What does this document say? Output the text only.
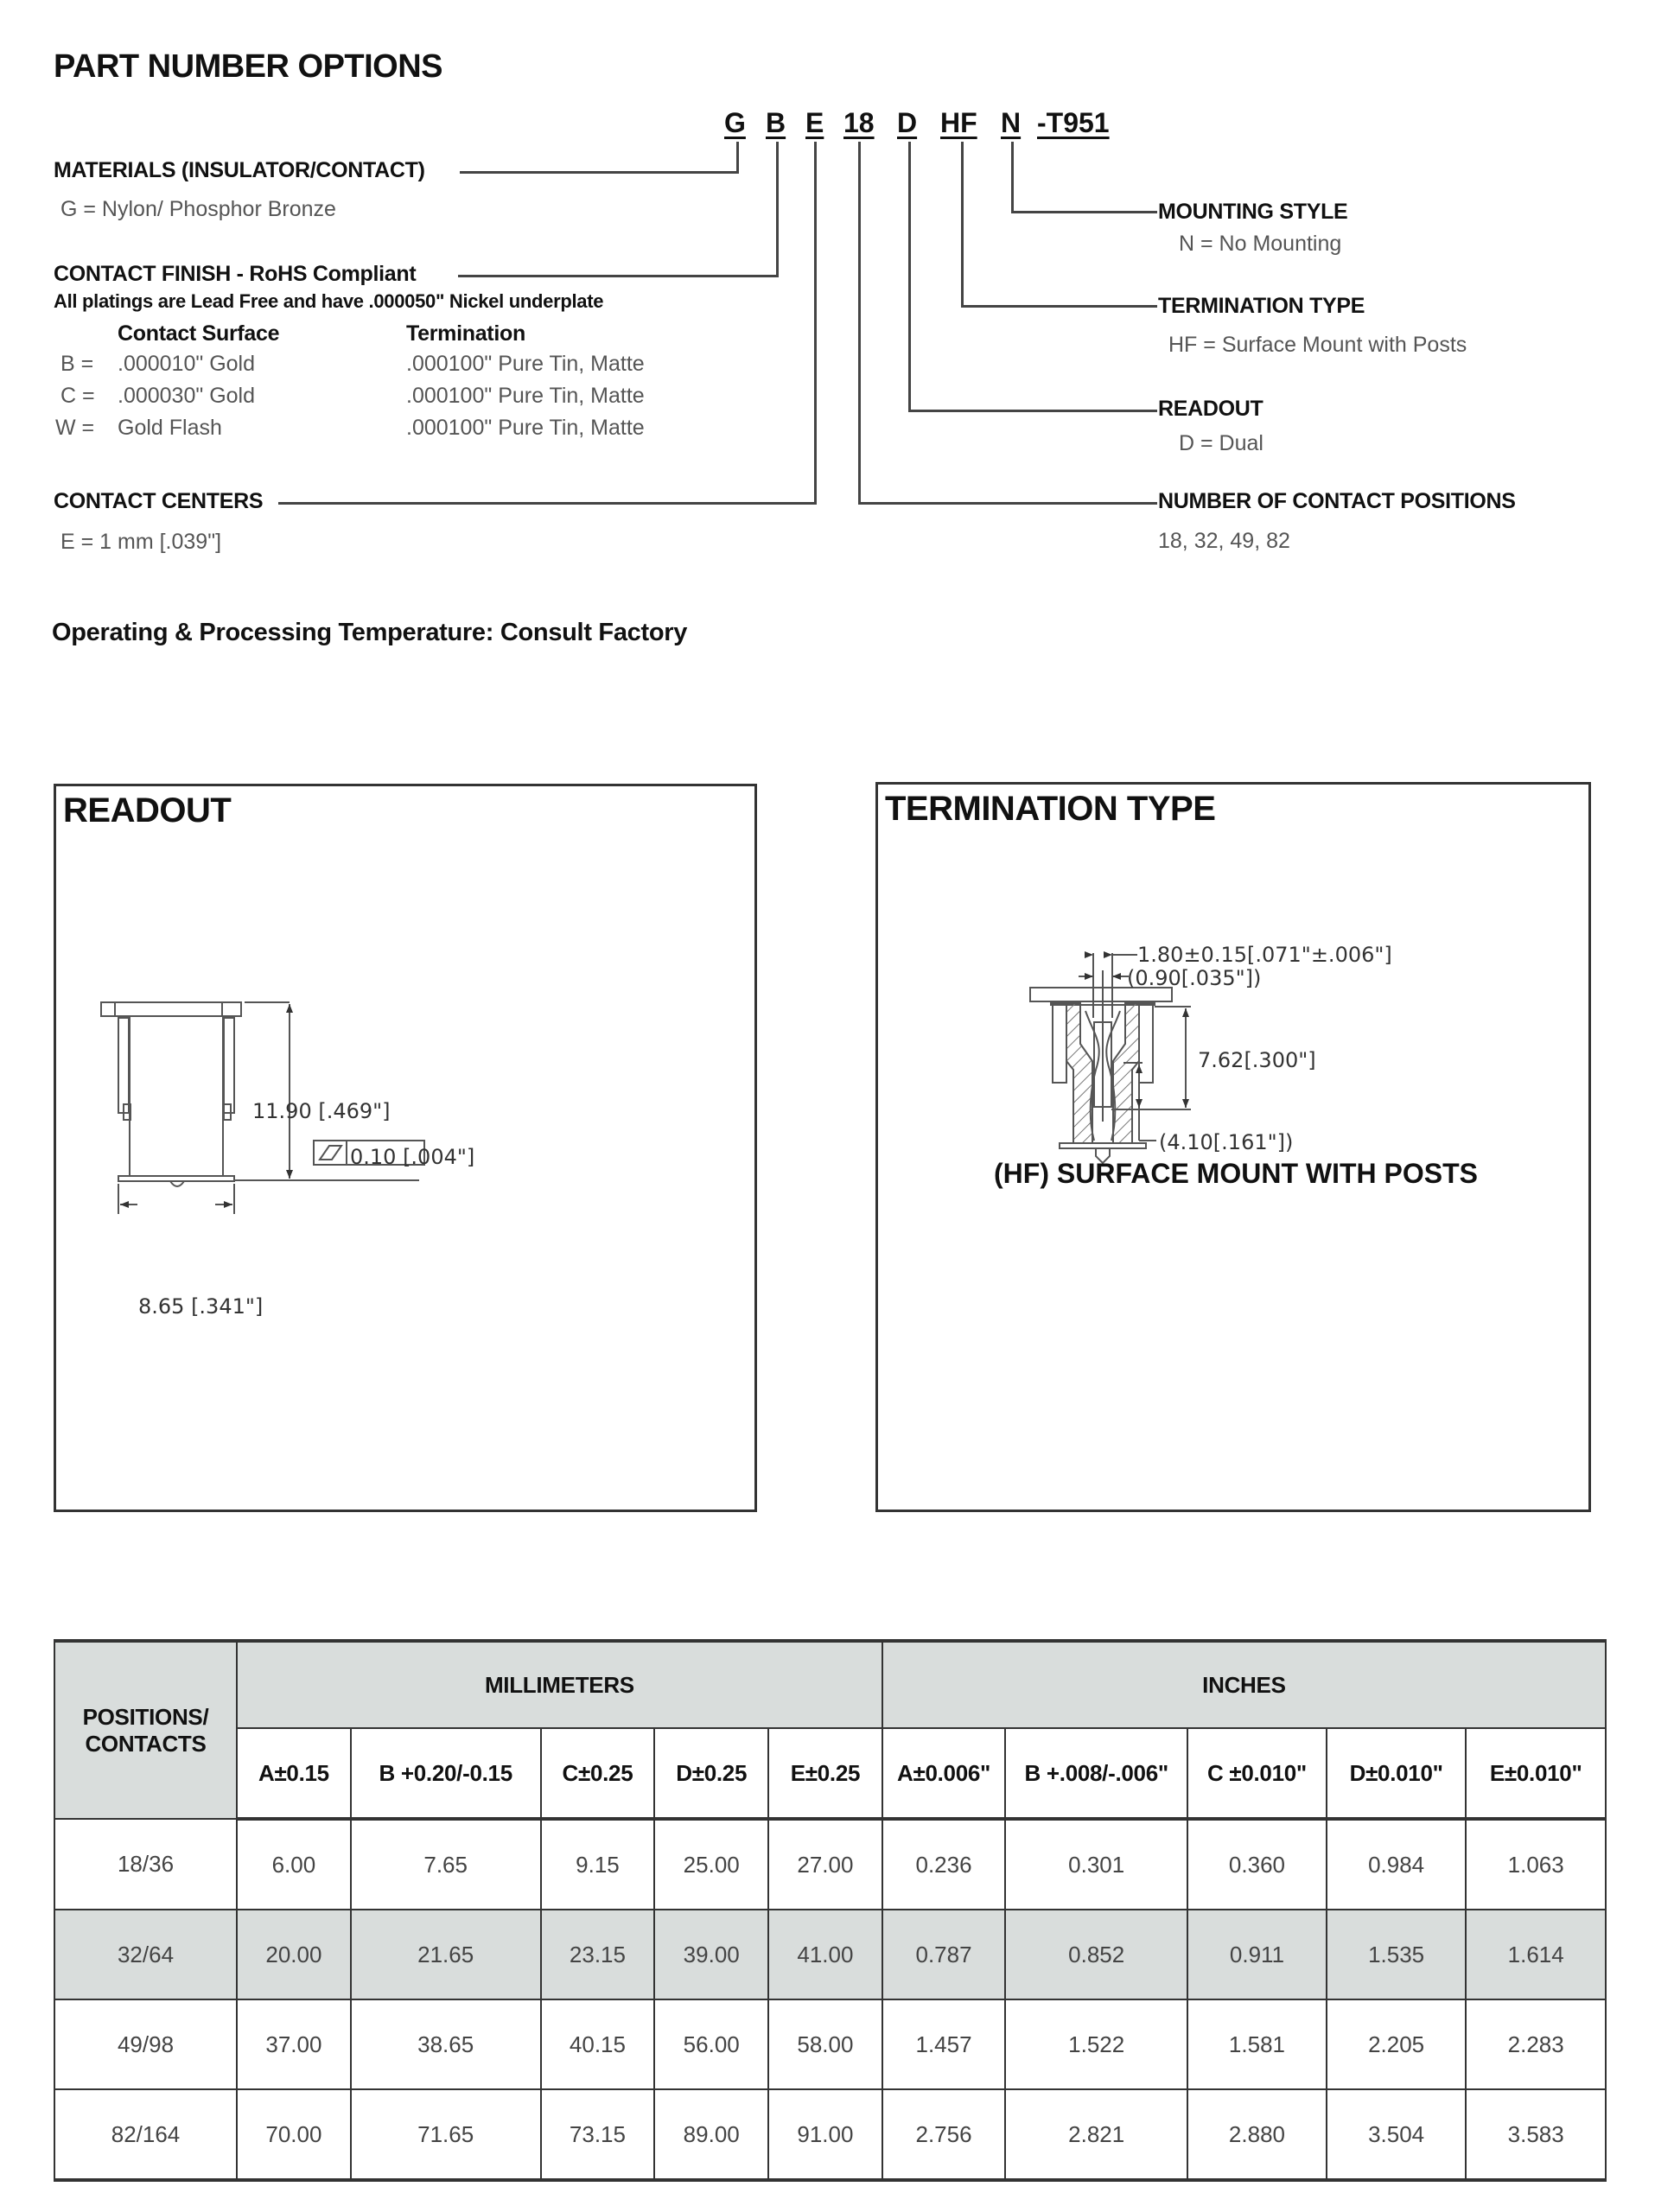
PART NUMBER OPTIONS
G B E 18 D HF N -T951
MATERIALS (INSULATOR/CONTACT)
G = Nylon/ Phosphor Bronze
CONTACT FINISH - RoHS Compliant
All platings are Lead Free and have .000050" Nickel underplate
Contact Surface	Termination
B = .000010" Gold	.000100" Pure Tin, Matte
C = .000030" Gold	.000100" Pure Tin, Matte
W = Gold Flash	.000100" Pure Tin, Matte
CONTACT CENTERS
E = 1 mm [.039"]
MOUNTING STYLE
N = No Mounting
TERMINATION TYPE
HF = Surface Mount with Posts
READOUT
D = Dual
NUMBER OF CONTACT POSITIONS
18, 32, 49, 82
Operating & Processing Temperature: Consult Factory
READOUT
11.90 [.469"]
8.65 [.341"]
0.10 [.004"]
TERMINATION TYPE
1.80±0.15[.071"±.006"]
(0.90[.035"])
7.62[.300"]
(4.10[.161"])
(HF) SURFACE MOUNT WITH POSTS
POSITIONS/ CONTACTS	MILLIMETERS					INCHES				
	A±0.15	B +0.20/-0.15	C±0.25	D±0.25	E±0.25	A±0.006"	B +.008/-.006"	C ±0.010"	D±0.010"	E±0.010"
18/36	6.00	7.65	9.15	25.00	27.00	0.236	0.301	0.360	0.984	1.063
32/64	20.00	21.65	23.15	39.00	41.00	0.787	0.852	0.911	1.535	1.614
49/98	37.00	38.65	40.15	56.00	58.00	1.457	1.522	1.581	2.205	2.283
82/164	70.00	71.65	73.15	89.00	91.00	2.756	2.821	2.880	3.504	3.583
